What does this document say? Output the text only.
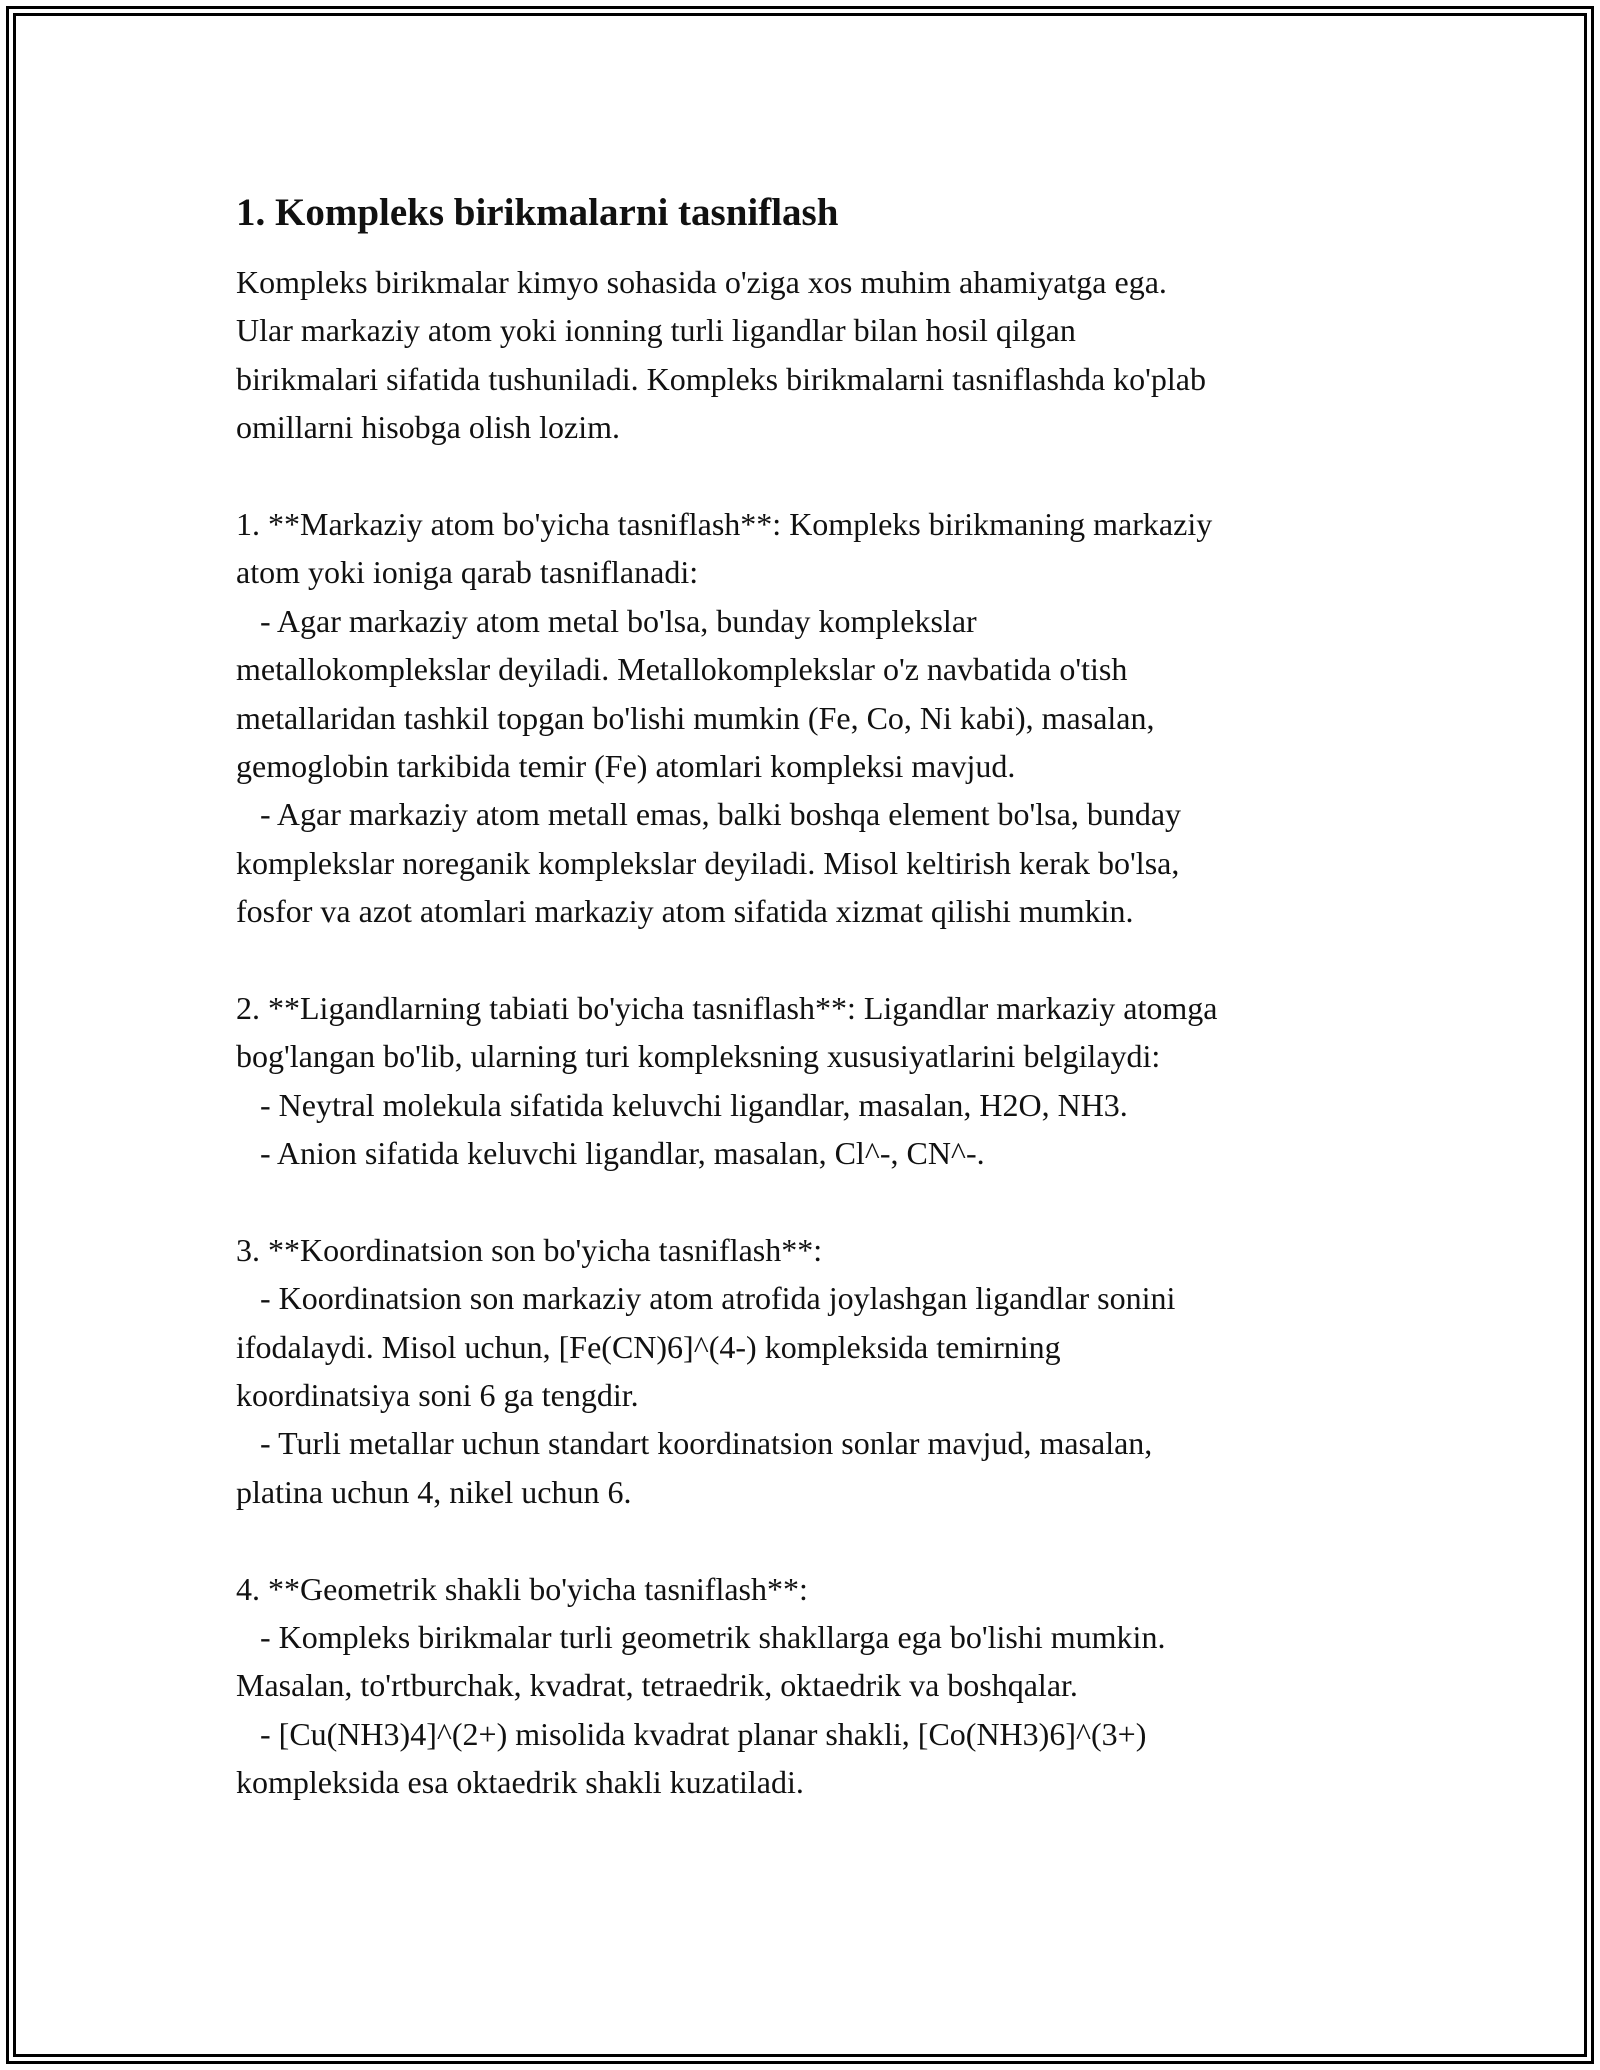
1. Kompleks birikmalarni tasniflash
Kompleks birikmalar kimyo sohasida o'ziga xos muhim ahamiyatga ega.
Ular markaziy atom yoki ionning turli ligandlar bilan hosil qilgan
birikmalari sifatida tushuniladi. Kompleks birikmalarni tasniflashda ko'plab
omillarni hisobga olish lozim.
1. **Markaziy atom bo'yicha tasniflash**: Kompleks birikmaning markaziy
atom yoki ioniga qarab tasniflanadi:
- Agar markaziy atom metal bo'lsa, bunday komplekslar
metallokomplekslar deyiladi. Metallokomplekslar o'z navbatida o'tish
metallaridan tashkil topgan bo'lishi mumkin (Fe, Co, Ni kabi), masalan,
gemoglobin tarkibida temir (Fe) atomlari kompleksi mavjud.
- Agar markaziy atom metall emas, balki boshqa element bo'lsa, bunday
komplekslar noreganik komplekslar deyiladi. Misol keltirish kerak bo'lsa,
fosfor va azot atomlari markaziy atom sifatida xizmat qilishi mumkin.
2. **Ligandlarning tabiati bo'yicha tasniflash**: Ligandlar markaziy atomga
bog'langan bo'lib, ularning turi kompleksning xususiyatlarini belgilaydi:
- Neytral molekula sifatida keluvchi ligandlar, masalan, H2O, NH3.
- Anion sifatida keluvchi ligandlar, masalan, Cl^-, CN^-.
3. **Koordinatsion son bo'yicha tasniflash**:
- Koordinatsion son markaziy atom atrofida joylashgan ligandlar sonini
ifodalaydi. Misol uchun, [Fe(CN)6]^(4-) kompleksida temirning
koordinatsiya soni 6 ga tengdir.
- Turli metallar uchun standart koordinatsion sonlar mavjud, masalan,
platina uchun 4, nikel uchun 6.
4. **Geometrik shakli bo'yicha tasniflash**:
- Kompleks birikmalar turli geometrik shakllarga ega bo'lishi mumkin.
Masalan, to'rtburchak, kvadrat, tetraedrik, oktaedrik va boshqalar.
- [Cu(NH3)4]^(2+) misolida kvadrat planar shakli, [Co(NH3)6]^(3+)
kompleksida esa oktaedrik shakli kuzatiladi.
